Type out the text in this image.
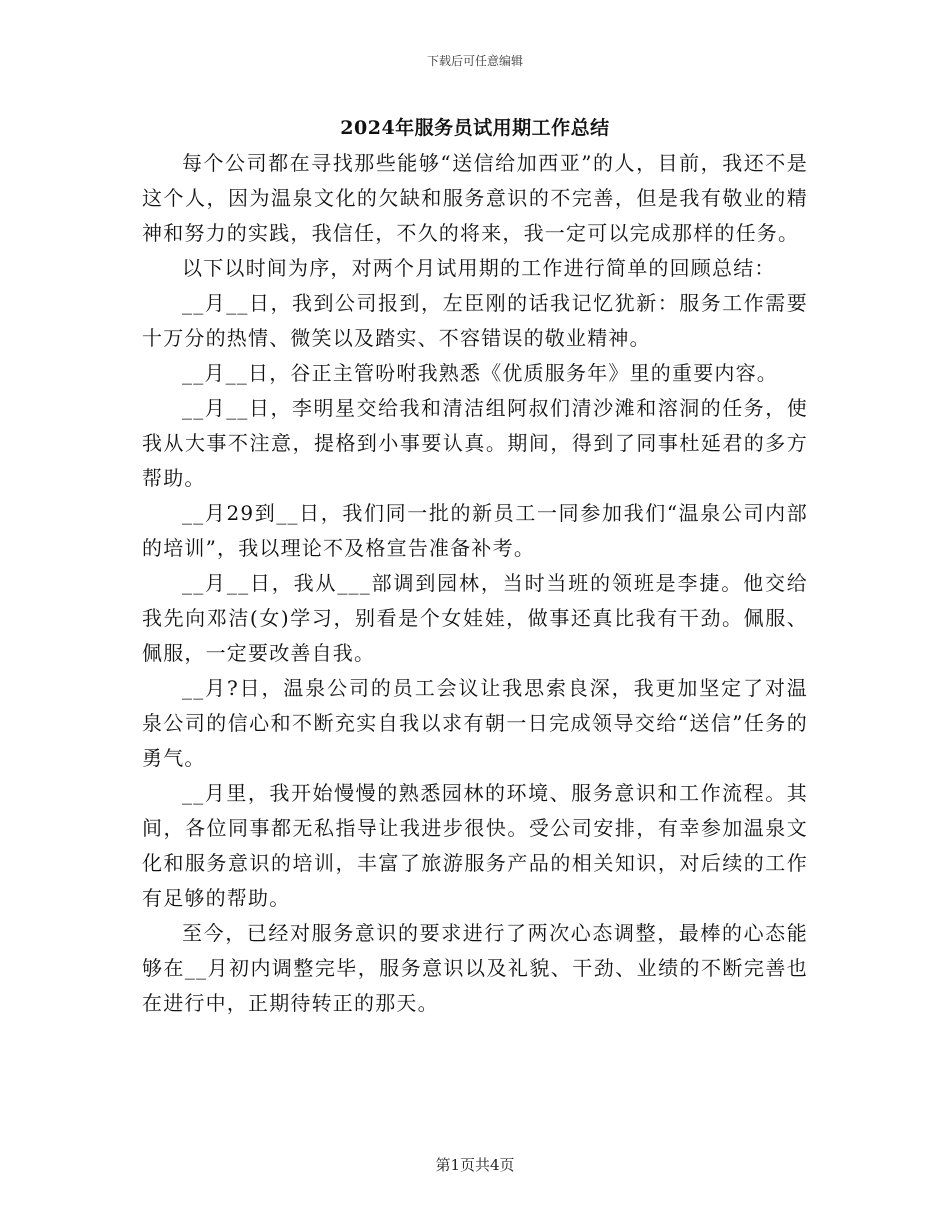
下载后可任意编辑
2024年服务员试用期工作总结

每个公司都在寻找那些能够“送信给加西亚”的人，目前，我还不是这个人，因为温泉文化的欠缺和服务意识的不完善，但是我有敬业的精神和努力的实践，我信任，不久的将来，我一定可以完成那样的任务。

以下以时间为序，对两个月试用期的工作进行简单的回顾总结：

__月__日，我到公司报到，左臣刚的话我记忆犹新：服务工作需要十万分的热情、微笑以及踏实、不容错误的敬业精神。

__月__日，谷正主管吩咐我熟悉《优质服务年》里的重要内容。

__月__日，李明星交给我和清洁组阿叔们清沙滩和溶洞的任务，使我从大事不注意，提格到小事要认真。期间，得到了同事杜延君的多方帮助。

__月29到__日，我们同一批的新员工一同参加我们“温泉公司内部的培训”，我以理论不及格宣告准备补考。

__月__日，我从___部调到园林，当时当班的领班是李捷。他交给我先向邓洁(女)学习，别看是个女娃娃，做事还真比我有干劲。佩服、佩服，一定要改善自我。

__月?日，温泉公司的员工会议让我思索良深，我更加坚定了对温泉公司的信心和不断充实自我以求有朝一日完成领导交给“送信”任务的勇气。

__月里，我开始慢慢的熟悉园林的环境、服务意识和工作流程。其间，各位同事都无私指导让我进步很快。受公司安排，有幸参加温泉文化和服务意识的培训，丰富了旅游服务产品的相关知识，对后续的工作有足够的帮助。

至今，已经对服务意识的要求进行了两次心态调整，最棒的心态能够在__月初内调整完毕，服务意识以及礼貌、干劲、业绩的不断完善也在进行中，正期待转正的那天。

第1页共4页
